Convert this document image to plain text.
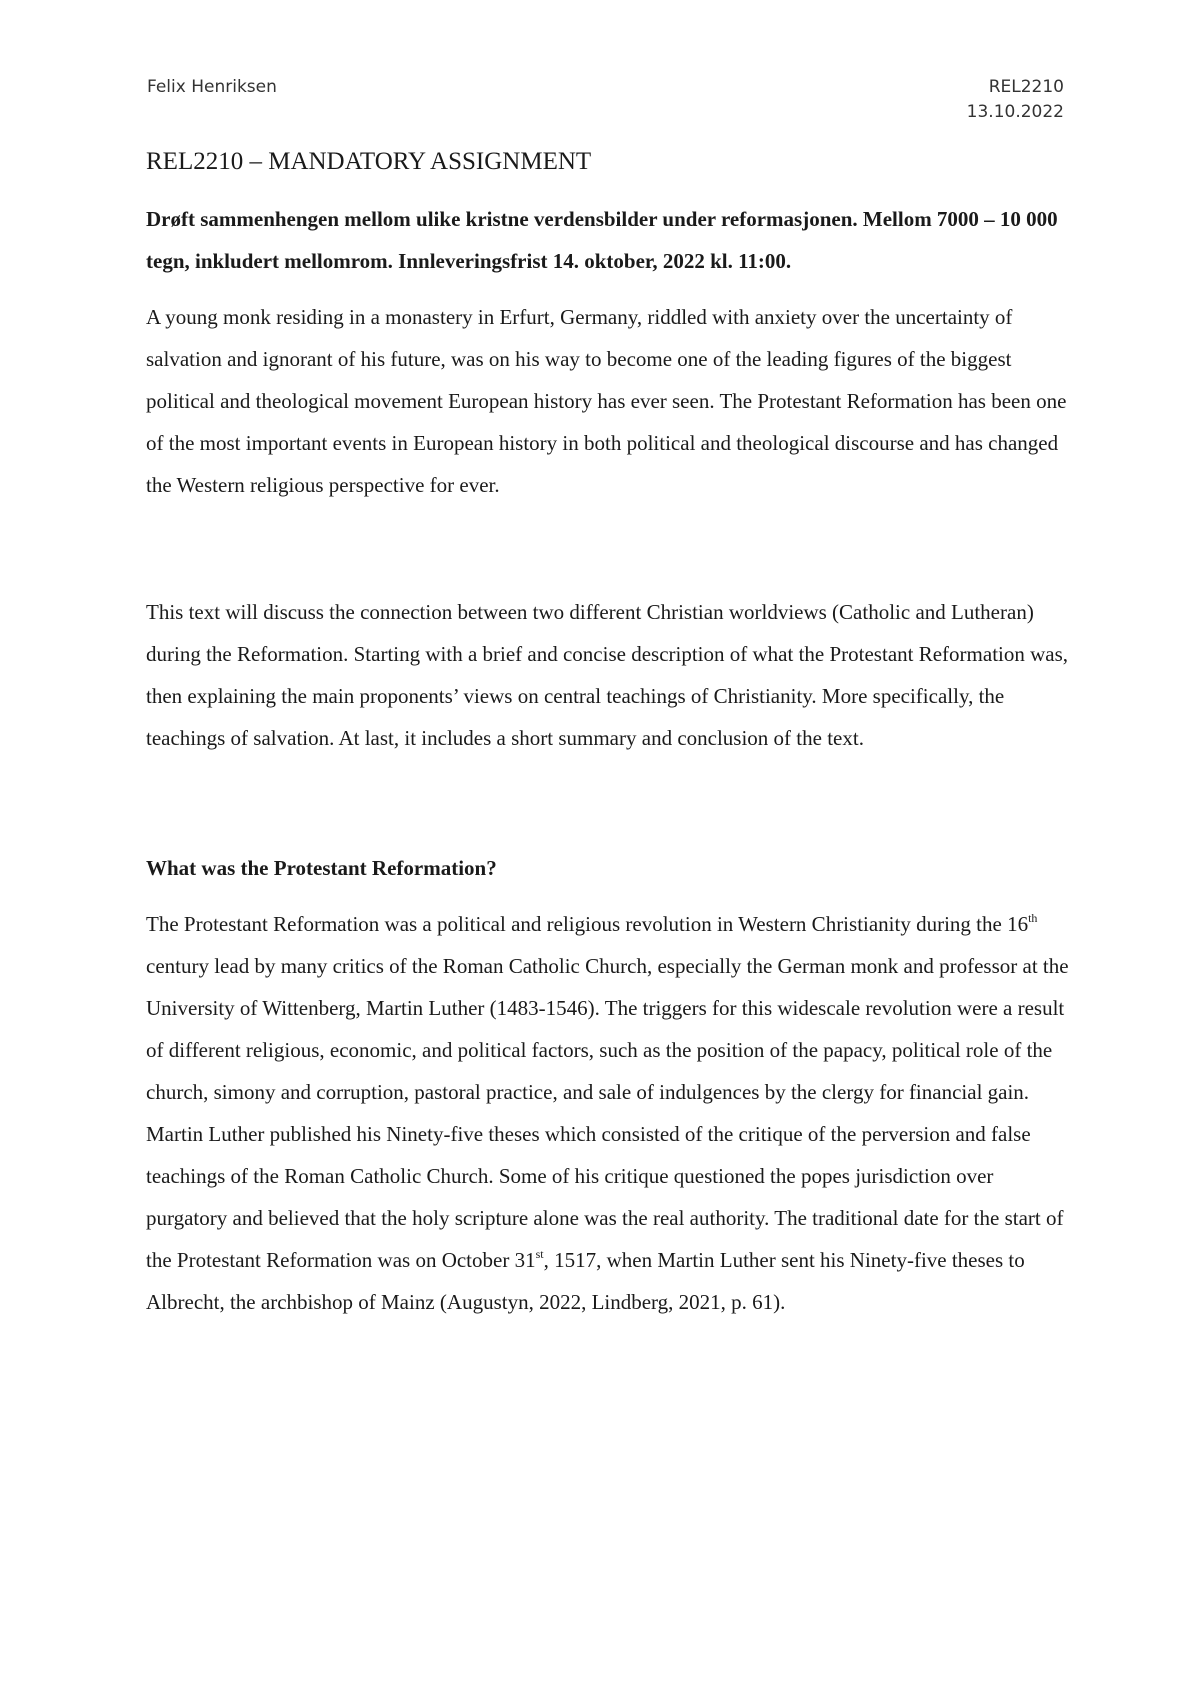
Felix Henriksen	REL2210
13.10.2022
REL2210 – MANDATORY ASSIGNMENT

Drøft sammenhengen mellom ulike kristne verdensbilder under reformasjonen. Mellom 7000 – 10 000 tegn, inkludert mellomrom. Innleveringsfrist 14. oktober, 2022 kl. 11:00.

A young monk residing in a monastery in Erfurt, Germany, riddled with anxiety over the uncertainty of salvation and ignorant of his future, was on his way to become one of the leading figures of the biggest political and theological movement European history has ever seen. The Protestant Reformation has been one of the most important events in European history in both political and theological discourse and has changed the Western religious perspective for ever.

This text will discuss the connection between two different Christian worldviews (Catholic and Lutheran) during the Reformation. Starting with a brief and concise description of what the Protestant Reformation was, then explaining the main proponents’ views on central teachings of Christianity. More specifically, the teachings of salvation. At last, it includes a short summary and conclusion of the text.

What was the Protestant Reformation?

The Protestant Reformation was a political and religious revolution in Western Christianity during the 16th century lead by many critics of the Roman Catholic Church, especially the German monk and professor at the University of Wittenberg, Martin Luther (1483-1546). The triggers for this widescale revolution were a result of different religious, economic, and political factors, such as the position of the papacy, political role of the church, simony and corruption, pastoral practice, and sale of indulgences by the clergy for financial gain. Martin Luther published his Ninety-five theses which consisted of the critique of the perversion and false teachings of the Roman Catholic Church. Some of his critique questioned the popes jurisdiction over purgatory and believed that the holy scripture alone was the real authority. The traditional date for the start of the Protestant Reformation was on October 31st, 1517, when Martin Luther sent his Ninety-five theses to Albrecht, the archbishop of Mainz (Augustyn, 2022, Lindberg, 2021, p. 61).
